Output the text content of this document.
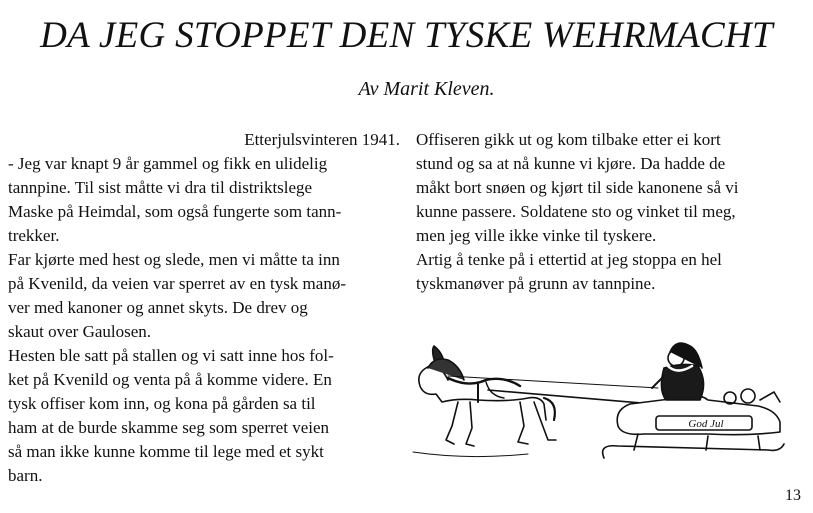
DA JEG STOPPET DEN TYSKE WEHRMACHT
Av Marit Kleven.
Etterjulsvinteren 1941.
- Jeg var knapt 9 år gammel og fikk en ulidelig
tannpine. Til sist måtte vi dra til distriktslege
Maske på Heimdal, som også fungerte som tann-
trekker.
Far kjørte med hest og slede, men vi måtte ta inn
på Kvenild, da veien var sperret av en tysk manø-
ver med kanoner og annet skyts. De drev og
skaut over Gaulosen.
Hesten ble satt på stallen og vi satt inne hos fol-
ket på Kvenild og venta på å komme videre. En
tysk offiser kom inn, og kona på gården sa til
ham at de burde skamme seg som sperret veien
så man ikke kunne komme til lege med et sykt
barn.
Offiseren gikk ut og kom tilbake etter ei kort
stund og sa at nå kunne vi kjøre. Da hadde de
måkt bort snøen og kjørt til side kanonene så vi
kunne passere. Soldatene sto og vinket til meg,
men jeg ville ikke vinke til tyskere.
Artig å tenke på i ettertid at jeg stoppa en hel
tyskmanøver på grunn av tannpine.
God Jul
13
